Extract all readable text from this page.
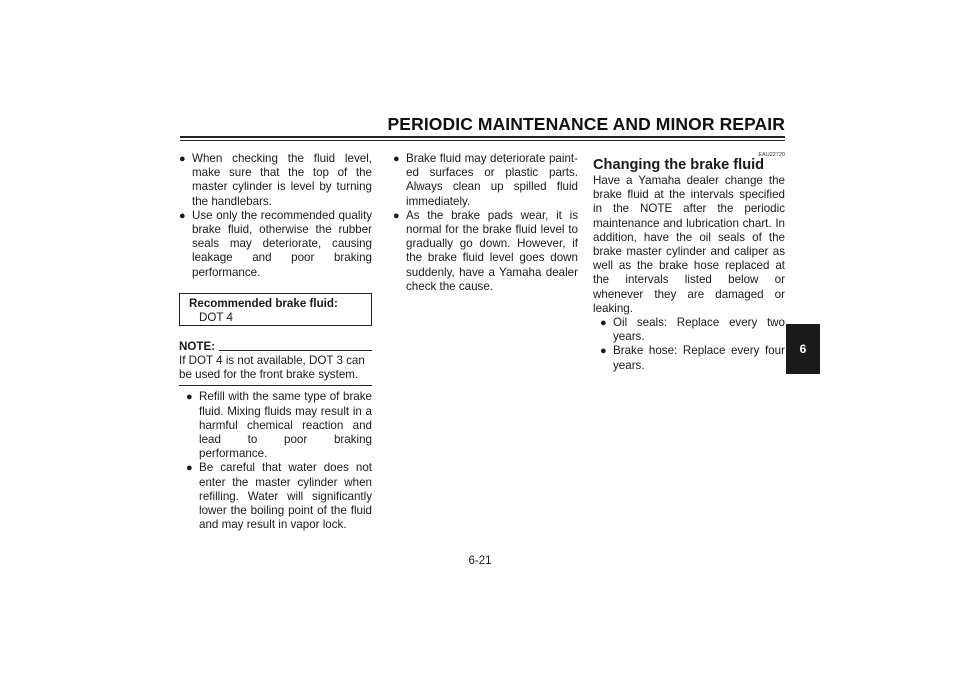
PERIODIC MAINTENANCE AND MINOR REPAIR
● When checking the fluid level, make sure that the top of the master cylinder is level by turning the handlebars.
● Use only the recommended quality brake fluid, otherwise the rubber seals may deteriorate, causing leakage and poor braking performance.
Recommended brake fluid:
DOT 4
NOTE:
If DOT 4 is not available, DOT 3 can be used for the front brake system.
● Refill with the same type of brake fluid. Mixing fluids may result in a harmful chemical reaction and lead to poor braking performance.
● Be careful that water does not enter the master cylinder when refilling. Water will significantly lower the boiling point of the fluid and may result in vapor lock.
● Brake fluid may deteriorate paint-ed surfaces or plastic parts. Always clean up spilled fluid immediately.
● As the brake pads wear, it is normal for the brake fluid level to gradually go down. However, if the brake fluid level goes down suddenly, have a Yamaha dealer check the cause.
EAU22720
Changing the brake fluid
Have a Yamaha dealer change the brake fluid at the intervals specified in the NOTE after the periodic maintenance and lubrication chart. In addition, have the oil seals of the brake master cylinder and caliper as well as the brake hose replaced at the intervals listed below or whenever they are damaged or leaking.
● Oil seals: Replace every two years.
● Brake hose: Replace every four years.
6
6-21
